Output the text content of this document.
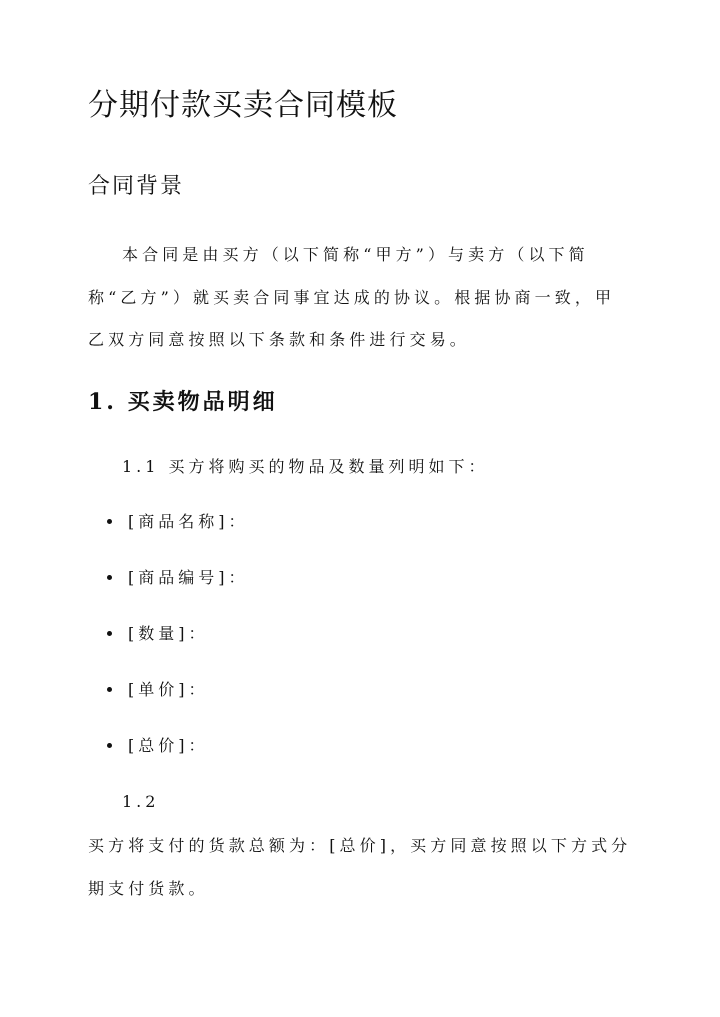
分期付款买卖合同模板
合同背景

本合同是由买方（以下简称“甲方”）与卖方（以下简称“乙方”）就买卖合同事宜达成的协议。根据协商一致，甲乙双方同意按照以下条款和条件进行交易。

1. 买卖物品明细

1.1 买方将购买的物品及数量列明如下：

[商品名称]：
[商品编号]：
[数量]：
[单价]：
[总价]：

1.2

买方将支付的货款总额为：[总价]，买方同意按照以下方式分期支付货款。
